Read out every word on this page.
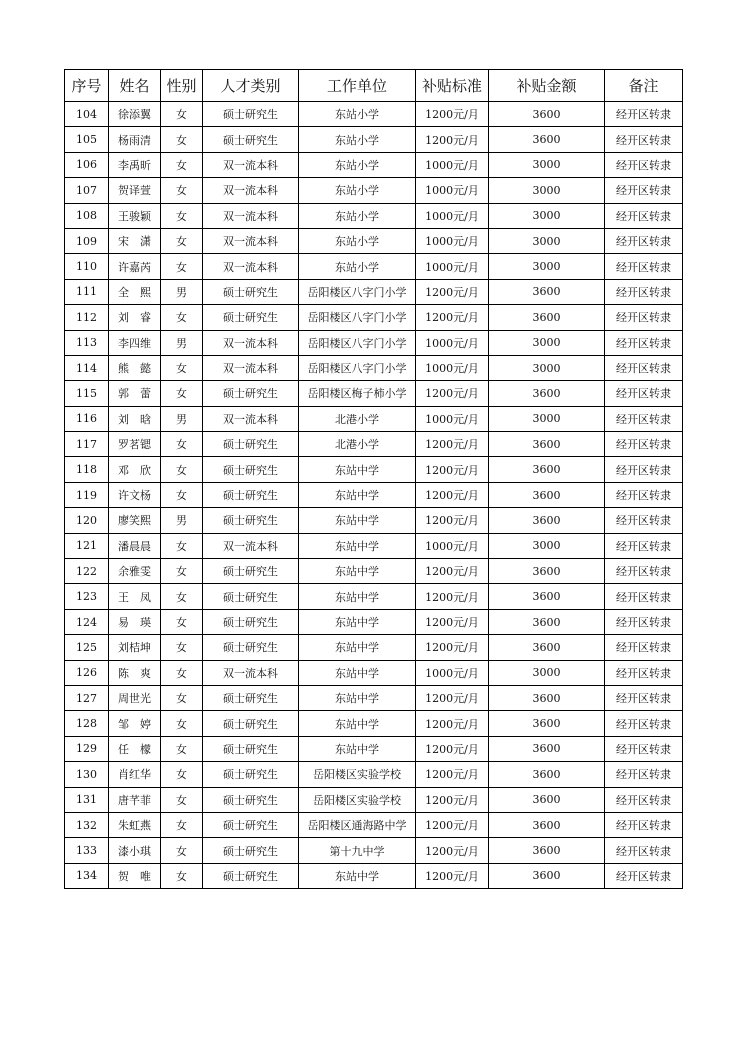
序号	姓名	性别	人才类别	工作单位	补贴标准	补贴金额	备注
104	徐添翼	女	硕士研究生	东站小学	1200元/月	3600	经开区转隶
105	杨雨清	女	硕士研究生	东站小学	1200元/月	3600	经开区转隶
106	李禹昕	女	双一流本科	东站小学	1000元/月	3000	经开区转隶
107	贺译萱	女	双一流本科	东站小学	1000元/月	3000	经开区转隶
108	王骏颖	女	双一流本科	东站小学	1000元/月	3000	经开区转隶
109	宋　潇	女	双一流本科	东站小学	1000元/月	3000	经开区转隶
110	许嘉芮	女	双一流本科	东站小学	1000元/月	3000	经开区转隶
111	全　熙	男	硕士研究生	岳阳楼区八字门小学	1200元/月	3600	经开区转隶
112	刘　睿	女	硕士研究生	岳阳楼区八字门小学	1200元/月	3600	经开区转隶
113	李四维	男	双一流本科	岳阳楼区八字门小学	1000元/月	3000	经开区转隶
114	熊　懿	女	双一流本科	岳阳楼区八字门小学	1000元/月	3000	经开区转隶
115	郭　蕾	女	硕士研究生	岳阳楼区梅子柿小学	1200元/月	3600	经开区转隶
116	刘　晗	男	双一流本科	北港小学	1000元/月	3000	经开区转隶
117	罗茗锶	女	硕士研究生	北港小学	1200元/月	3600	经开区转隶
118	邓　欣	女	硕士研究生	东站中学	1200元/月	3600	经开区转隶
119	许文杨	女	硕士研究生	东站中学	1200元/月	3600	经开区转隶
120	廖笑熙	男	硕士研究生	东站中学	1200元/月	3600	经开区转隶
121	潘晨晨	女	双一流本科	东站中学	1000元/月	3000	经开区转隶
122	余雅雯	女	硕士研究生	东站中学	1200元/月	3600	经开区转隶
123	王　凤	女	硕士研究生	东站中学	1200元/月	3600	经开区转隶
124	易　瑛	女	硕士研究生	东站中学	1200元/月	3600	经开区转隶
125	刘桔坤	女	硕士研究生	东站中学	1200元/月	3600	经开区转隶
126	陈　爽	女	双一流本科	东站中学	1000元/月	3000	经开区转隶
127	周世光	女	硕士研究生	东站中学	1200元/月	3600	经开区转隶
128	邹　婷	女	硕士研究生	东站中学	1200元/月	3600	经开区转隶
129	任　檬	女	硕士研究生	东站中学	1200元/月	3600	经开区转隶
130	肖红华	女	硕士研究生	岳阳楼区实验学校	1200元/月	3600	经开区转隶
131	唐芊菲	女	硕士研究生	岳阳楼区实验学校	1200元/月	3600	经开区转隶
132	朱虹燕	女	硕士研究生	岳阳楼区通海路中学	1200元/月	3600	经开区转隶
133	漆小琪	女	硕士研究生	第十九中学	1200元/月	3600	经开区转隶
134	贺　唯	女	硕士研究生	东站中学	1200元/月	3600	经开区转隶
